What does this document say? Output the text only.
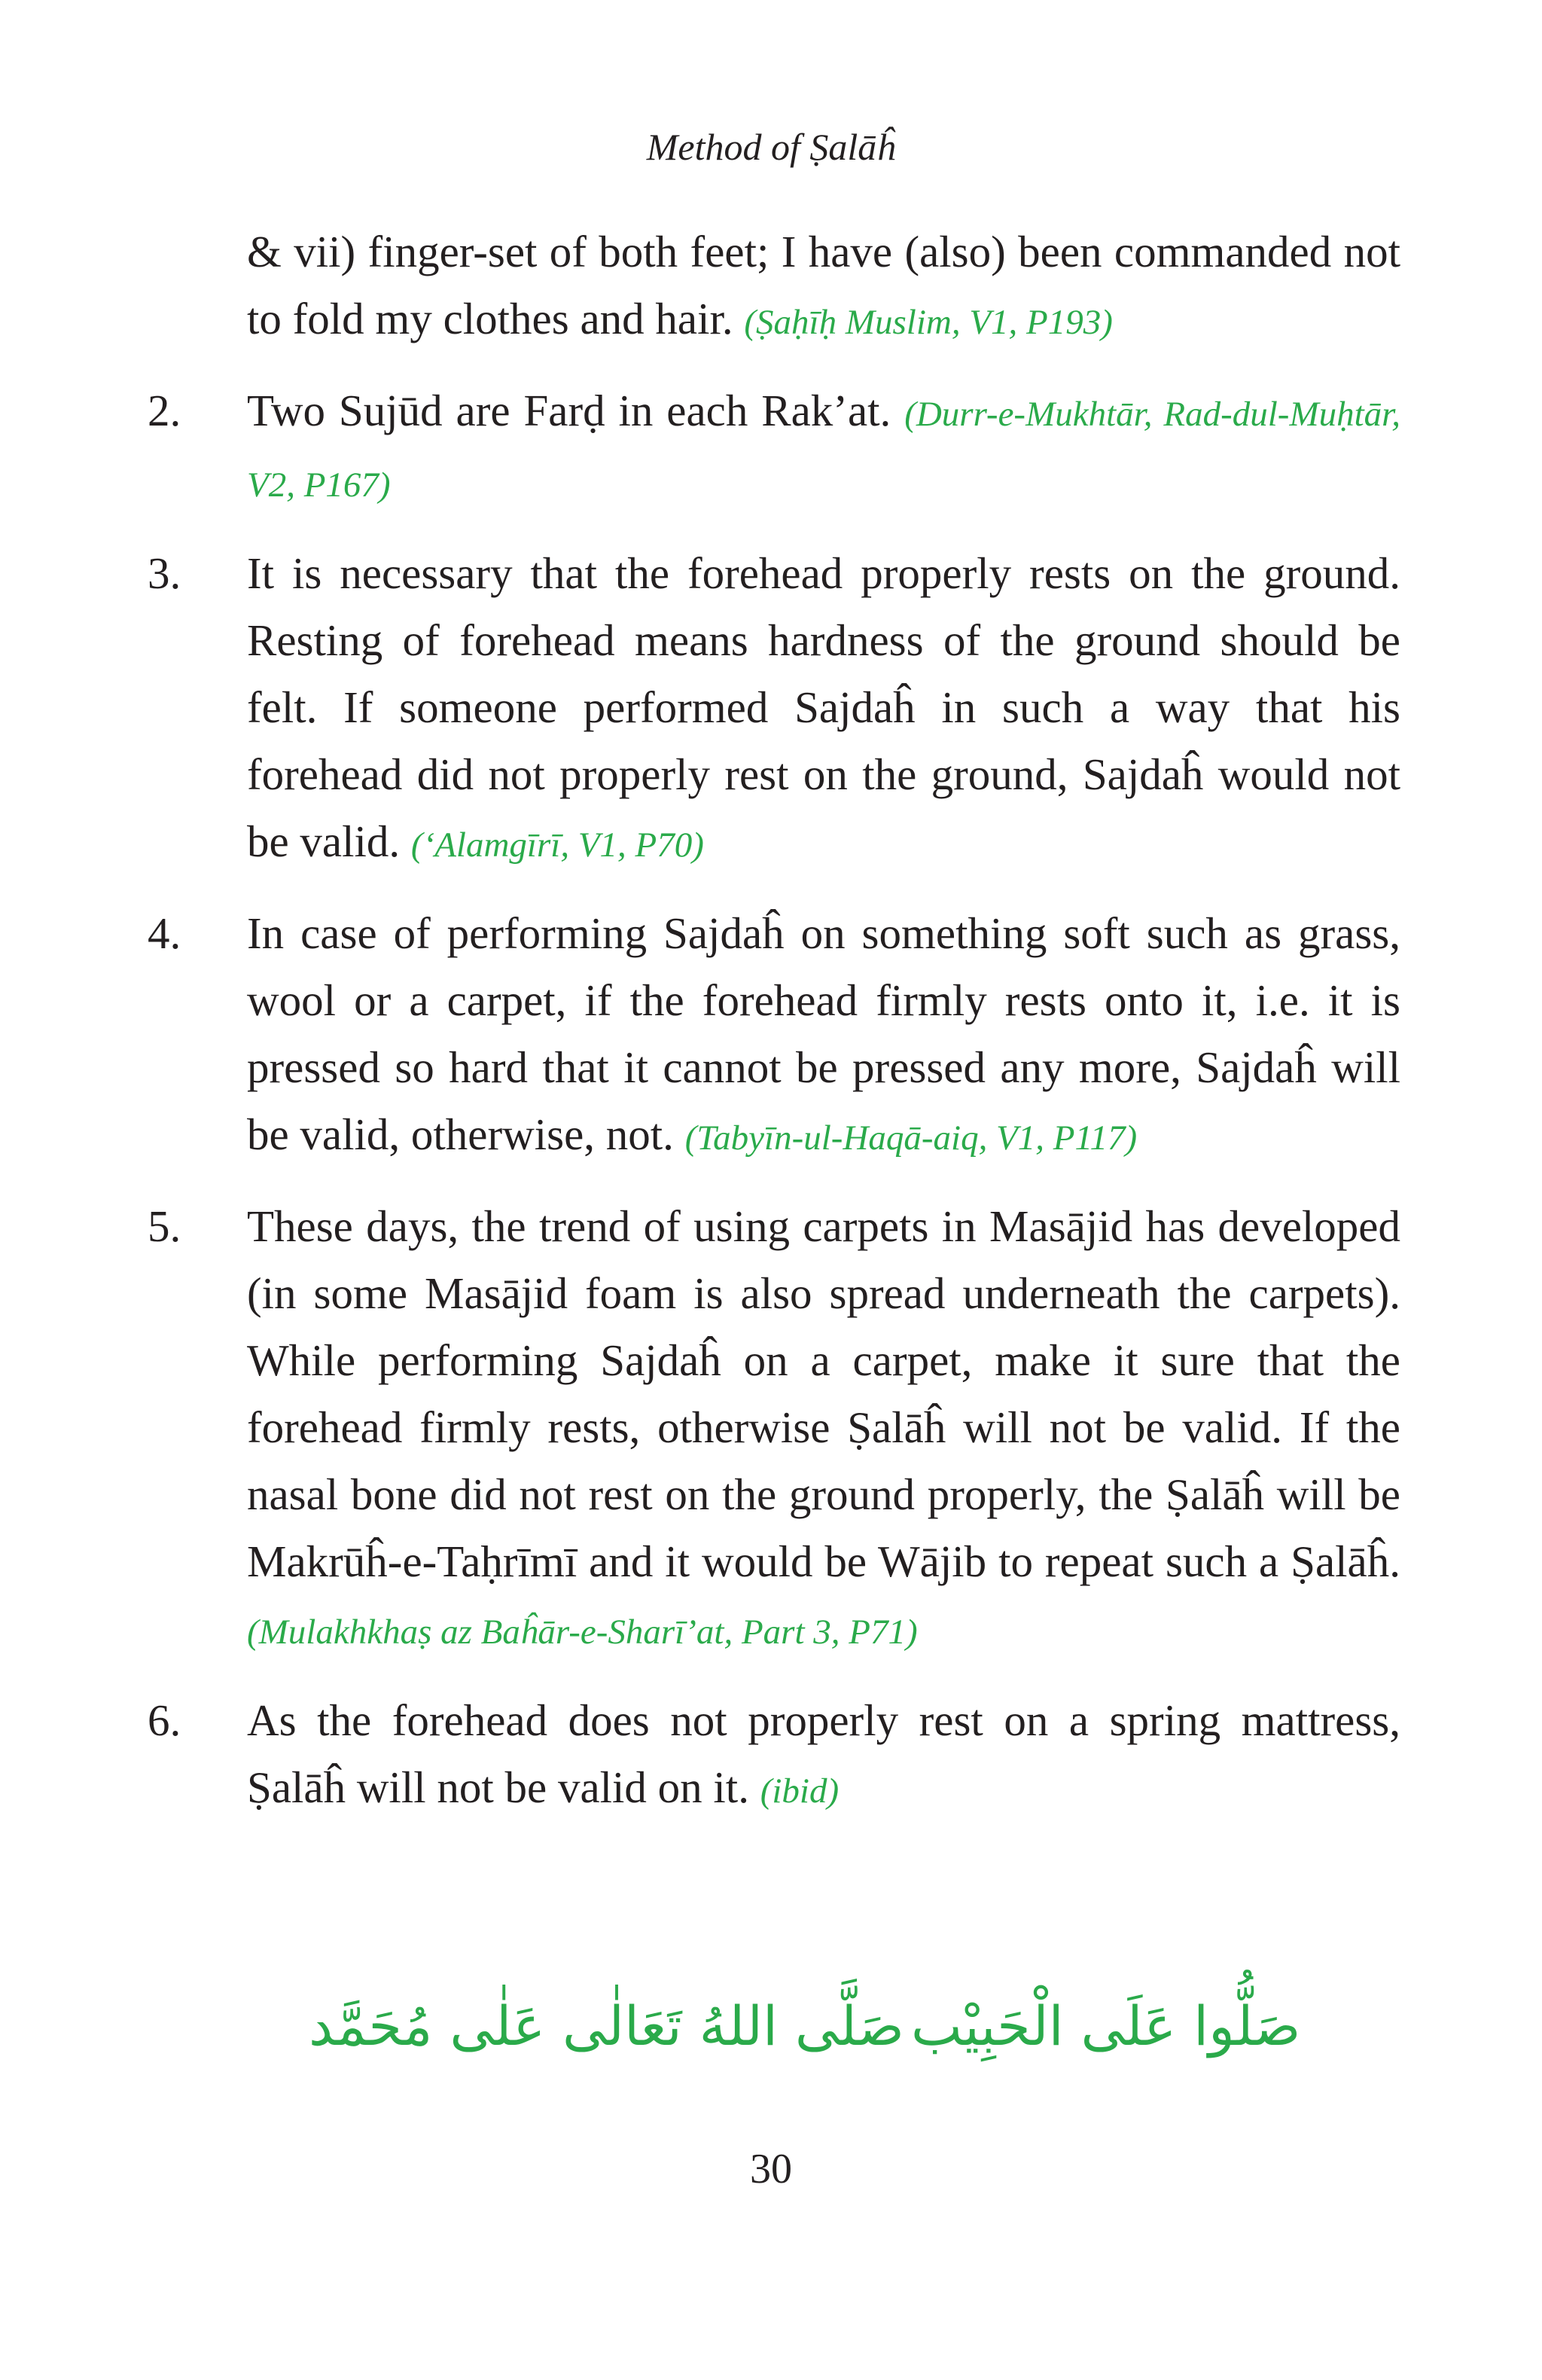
Method of Ṣalāĥ
& vii) finger-set of both feet; I have (also) been commanded not to fold my clothes and hair. (Ṣaḥīḥ Muslim, V1, P193)
2. Two Sujūd are Farḍ in each Rak’at. (Durr-e-Mukhtār, Rad-dul-Muḥtār, V2, P167)
3. It is necessary that the forehead properly rests on the ground. Resting of forehead means hardness of the ground should be felt. If someone performed Sajdaĥ in such a way that his forehead did not properly rest on the ground, Sajdaĥ would not be valid. (‘Alamgīrī, V1, P70)
4. In case of performing Sajdaĥ on something soft such as grass, wool or a carpet, if the forehead firmly rests onto it, i.e. it is pressed so hard that it cannot be pressed any more, Sajdaĥ will be valid, otherwise, not. (Tabyīn-ul-Haqā-aiq, V1, P117)
5. These days, the trend of using carpets in Masājid has developed (in some Masājid foam is also spread underneath the carpets). While performing Sajdaĥ on a carpet, make it sure that the forehead firmly rests, otherwise Ṣalāĥ will not be valid. If the nasal bone did not rest on the ground properly, the Ṣalāĥ will be Makrūĥ-e-Taḥrīmī and it would be Wājib to repeat such a Ṣalāĥ. (Mulakhkhaṣ az Baĥār-e-Sharī’at, Part 3, P71)
6. As the forehead does not properly rest on a spring mattress, Ṣalāĥ will not be valid on it. (ibid)
صَلَّى اللهُ تَعَالٰى عَلٰى مُحَمَّد صَلُّوا عَلَى الْحَبِيْب
30
